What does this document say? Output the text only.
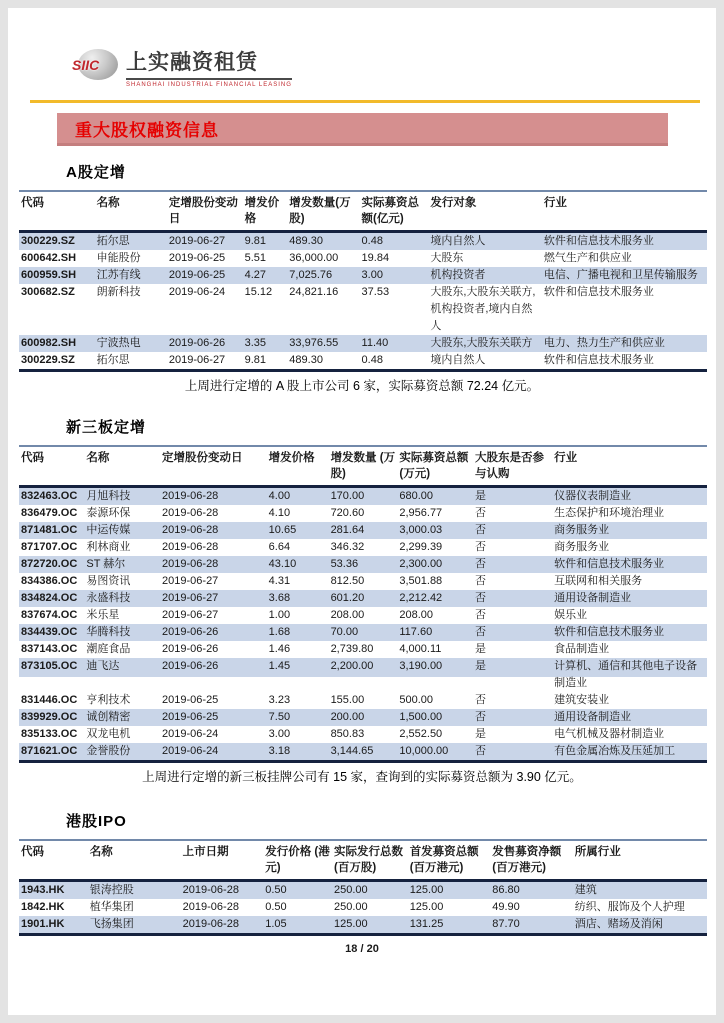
SIIC 上实融资租赁
SHANGHAI INDUSTRIAL FINANCIAL LEASING
重大股权融资信息
A股定增
代码	名称	定增股份变动日	增发价格	增发数量(万股)	实际募资总额(亿元)	发行对象	行业
300229.SZ	拓尔思	2019-06-27	9.81	489.30	0.48	境内自然人	软件和信息技术服务业
600642.SH	申能股份	2019-06-25	5.51	36,000.00	19.84	大股东	燃气生产和供应业
600959.SH	江苏有线	2019-06-25	4.27	7,025.76	3.00	机构投资者	电信、广播电视和卫星传输服务
300682.SZ	朗新科技	2019-06-24	15.12	24,821.16	37.53	大股东,大股东关联方,机构投资者,境内自然人	软件和信息技术服务业
600982.SH	宁波热电	2019-06-26	3.35	33,976.55	11.40	大股东,大股东关联方	电力、热力生产和供应业
300229.SZ	拓尔思	2019-06-27	9.81	489.30	0.48	境内自然人	软件和信息技术服务业

上周进行定增的 A 股上市公司 6 家，实际募资总额 72.24 亿元。

新三板定增
代码	名称	定增股份变动日	增发价格	增发数量 (万股)	实际募资总额(万元)	大股东是否参与认购	行业
832463.OC	月旭科技	2019-06-28	4.00	170.00	680.00	是	仪器仪表制造业
836479.OC	泰源环保	2019-06-28	4.10	720.60	2,956.77	否	生态保护和环境治理业
871481.OC	中运传媒	2019-06-28	10.65	281.64	3,000.03	否	商务服务业
871707.OC	利林商业	2019-06-28	6.64	346.32	2,299.39	否	商务服务业
872720.OC	ST 赫尔	2019-06-28	43.10	53.36	2,300.00	否	软件和信息技术服务业
834386.OC	易图资讯	2019-06-27	4.31	812.50	3,501.88	否	互联网和相关服务
834824.OC	永盛科技	2019-06-27	3.68	601.20	2,212.42	否	通用设备制造业
837674.OC	米乐星	2019-06-27	1.00	208.00	208.00	否	娱乐业
834439.OC	华腾科技	2019-06-26	1.68	70.00	117.60	否	软件和信息技术服务业
837143.OC	潮庭食品	2019-06-26	1.46	2,739.80	4,000.11	是	食品制造业
873105.OC	迪飞达	2019-06-26	1.45	2,200.00	3,190.00	是	计算机、通信和其他电子设备制造业
831446.OC	亨利技术	2019-06-25	3.23	155.00	500.00	否	建筑安装业
839929.OC	诚创精密	2019-06-25	7.50	200.00	1,500.00	否	通用设备制造业
835133.OC	双龙电机	2019-06-24	3.00	850.83	2,552.50	是	电气机械及器材制造业
871621.OC	金誉股份	2019-06-24	3.18	3,144.65	10,000.00	否	有色金属冶炼及压延加工

上周进行定增的新三板挂牌公司有 15 家，查询到的实际募资总额为 3.90 亿元。

港股IPO
代码	名称	上市日期	发行价格 (港元)	实际发行总数(百万股)	首发募资总额(百万港元)	发售募资净额(百万港元)	所属行业
1943.HK	银涛控股	2019-06-28	0.50	250.00	125.00	86.80	建筑
1842.HK	植华集团	2019-06-28	0.50	250.00	125.00	49.90	纺织、服饰及个人护理
1901.HK	飞扬集团	2019-06-28	1.05	125.00	131.25	87.70	酒店、赌场及消闲
18 / 20
